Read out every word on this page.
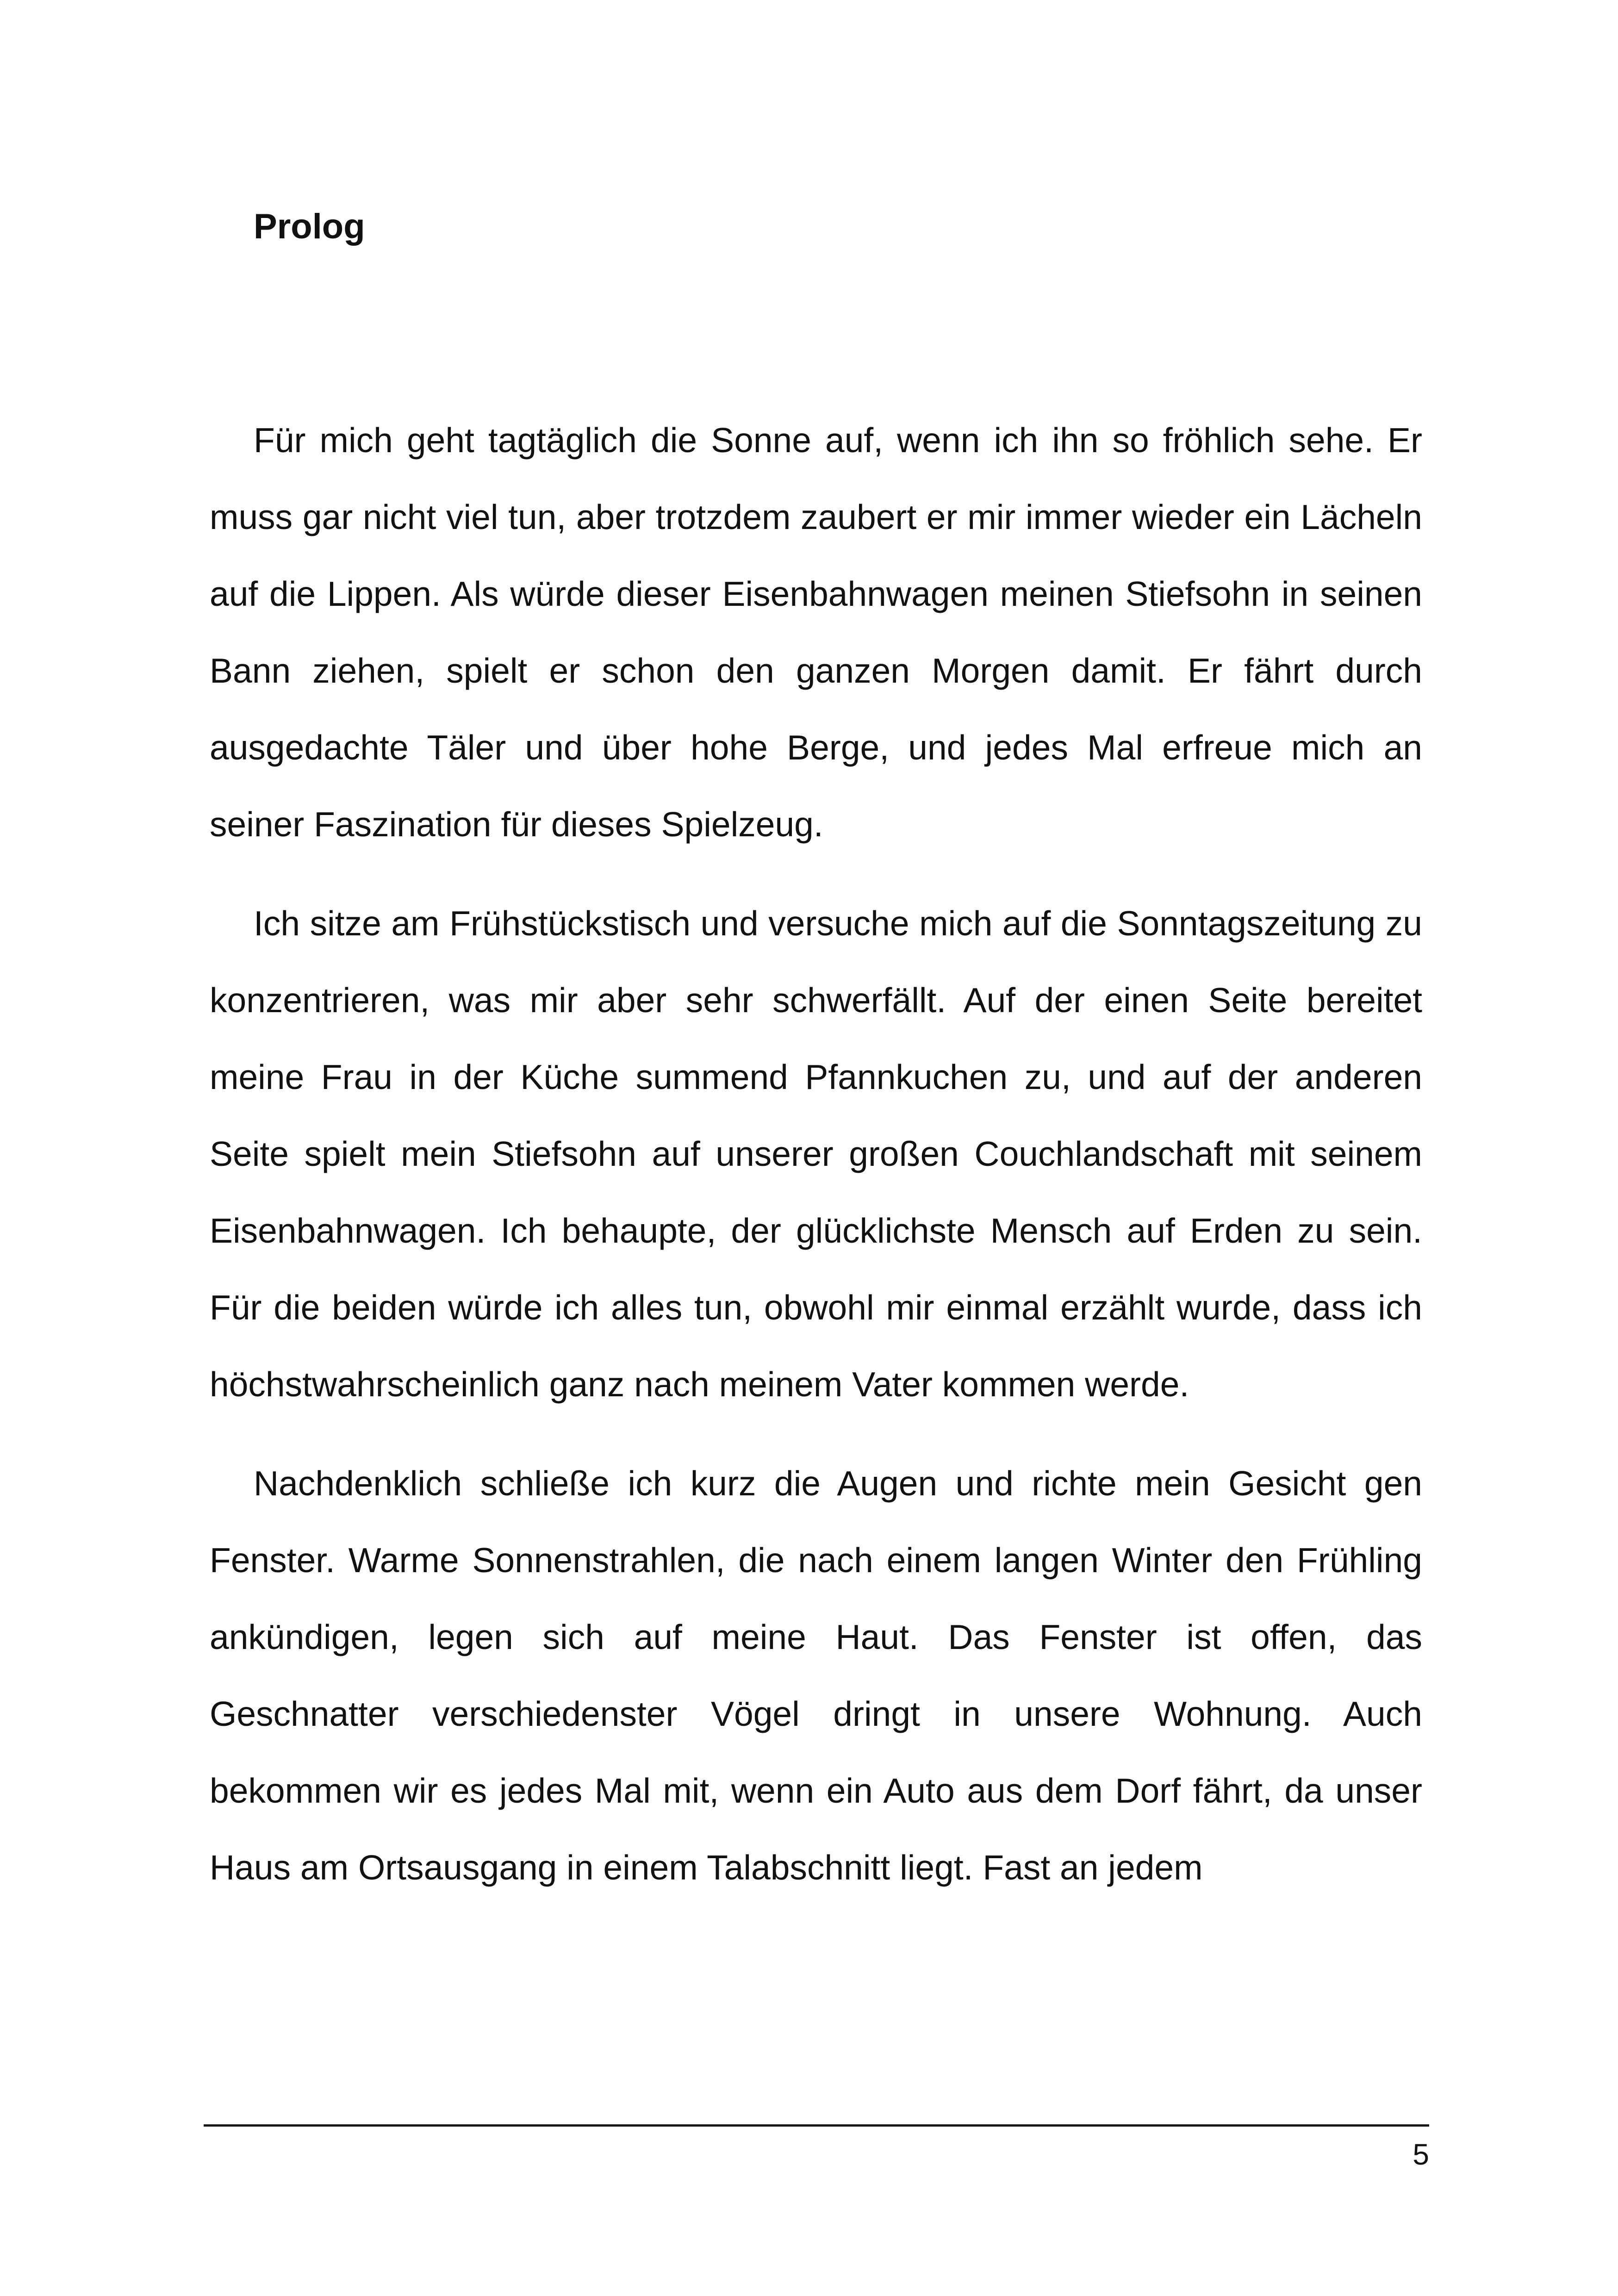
Prolog

Für mich geht tagtäglich die Sonne auf, wenn ich ihn so fröhlich sehe. Er muss gar nicht viel tun, aber trotzdem zaubert er mir immer wieder ein Lächeln auf die Lippen. Als würde dieser Eisenbahnwagen meinen Stiefsohn in seinen Bann ziehen, spielt er schon den ganzen Morgen damit. Er fährt durch ausgedachte Täler und über hohe Berge, und jedes Mal erfreue mich an seiner Faszination für dieses Spielzeug.

Ich sitze am Frühstückstisch und versuche mich auf die Sonntagszeitung zu konzentrieren, was mir aber sehr schwerfällt. Auf der einen Seite bereitet meine Frau in der Küche summend Pfannkuchen zu, und auf der anderen Seite spielt mein Stiefsohn auf unserer großen Couchlandschaft mit seinem Eisenbahnwagen. Ich behaupte, der glücklichste Mensch auf Erden zu sein. Für die beiden würde ich alles tun, obwohl mir einmal erzählt wurde, dass ich höchstwahrscheinlich ganz nach meinem Vater kommen werde.

Nachdenklich schließe ich kurz die Augen und richte mein Gesicht gen Fenster. Warme Sonnenstrahlen, die nach einem langen Winter den Frühling ankündigen, legen sich auf meine Haut. Das Fenster ist offen, das Geschnatter verschiedenster Vögel dringt in unsere Wohnung. Auch bekommen wir es jedes Mal mit, wenn ein Auto aus dem Dorf fährt, da unser Haus am Ortsausgang in einem Talabschnitt liegt. Fast an jedem

5
